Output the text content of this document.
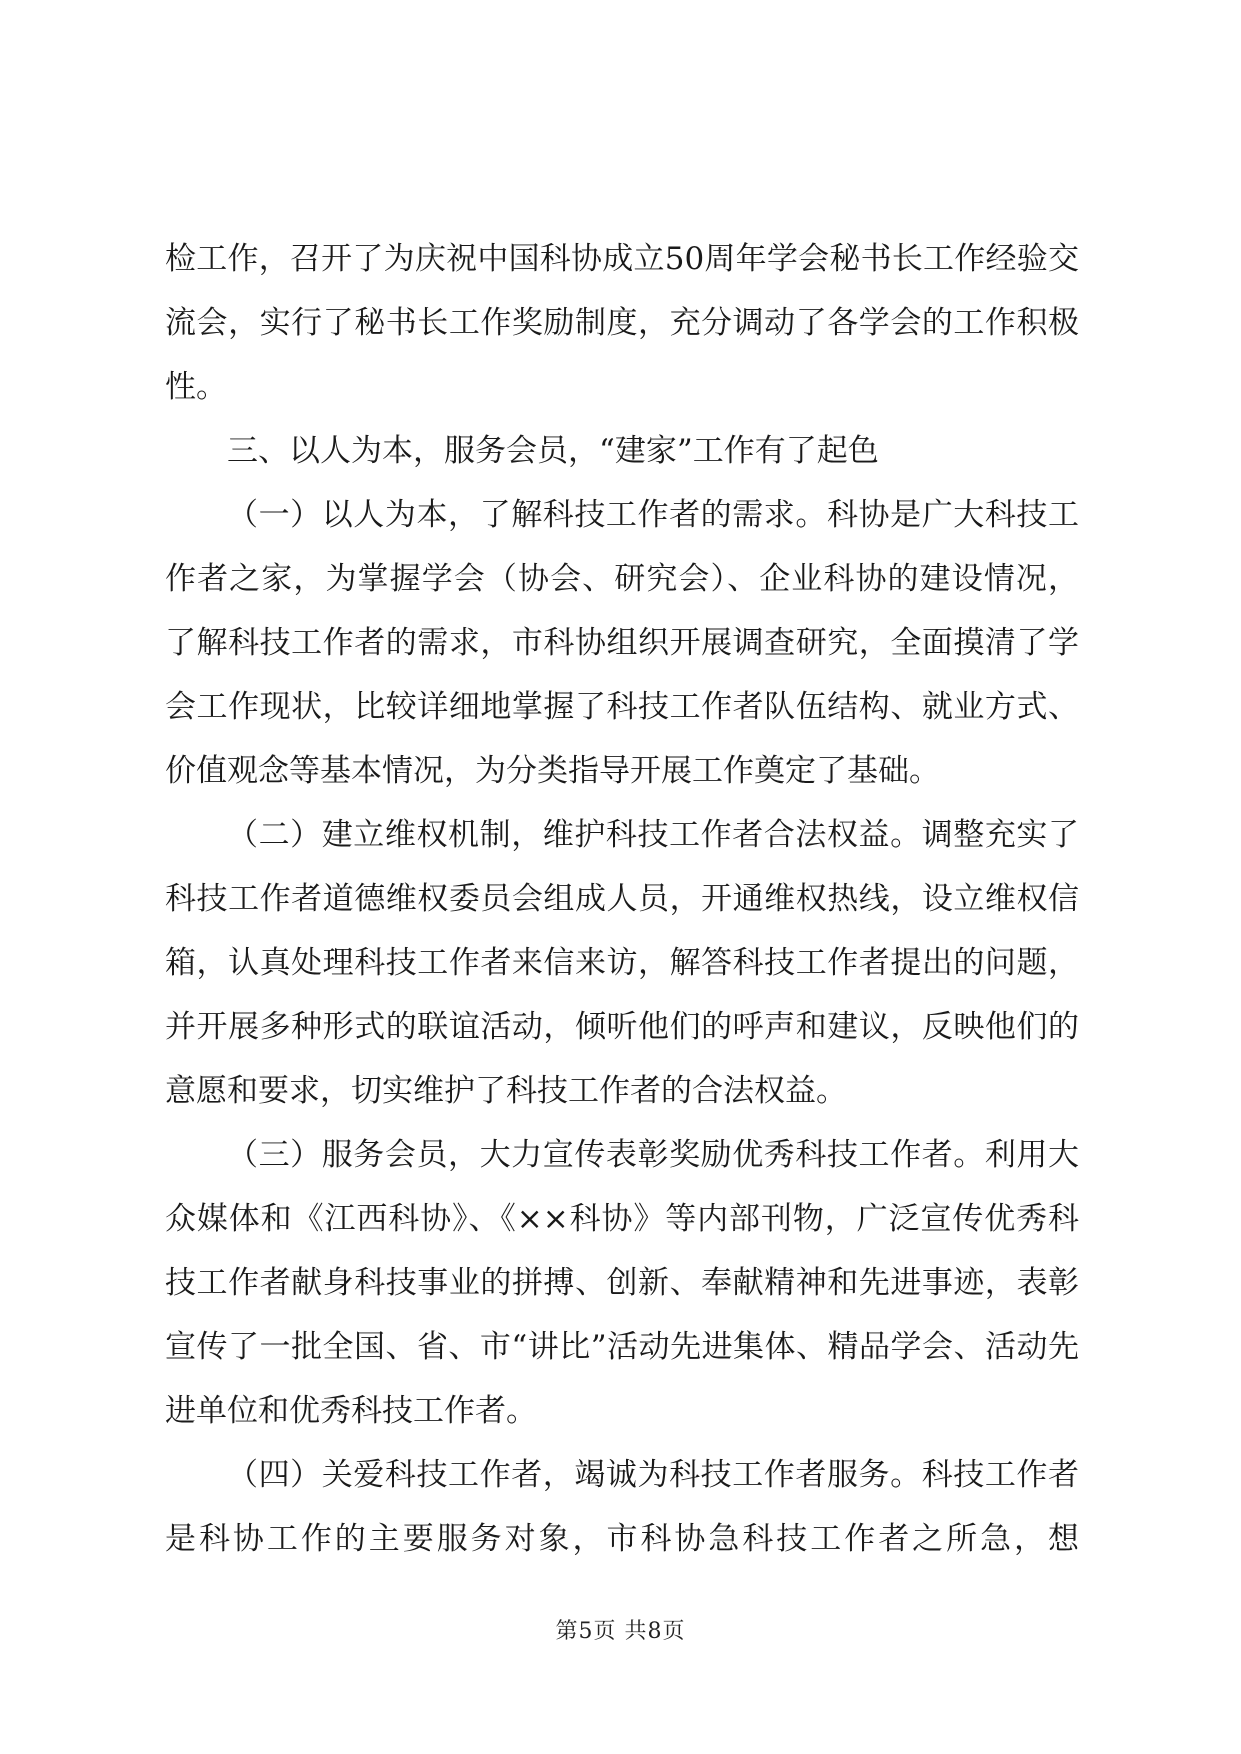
检工作，召开了为庆祝中国科协成立50周年学会秘书长工作经验交流会，实行了秘书长工作奖励制度，充分调动了各学会的工作积极性。

三、以人为本，服务会员，“建家”工作有了起色

（一）以人为本，了解科技工作者的需求。科协是广大科技工作者之家，为掌握学会（协会、研究会）、企业科协的建设情况，了解科技工作者的需求，市科协组织开展调查研究，全面摸清了学会工作现状，比较详细地掌握了科技工作者队伍结构、就业方式、价值观念等基本情况，为分类指导开展工作奠定了基础。

（二）建立维权机制，维护科技工作者合法权益。调整充实了科技工作者道德维权委员会组成人员，开通维权热线，设立维权信箱，认真处理科技工作者来信来访，解答科技工作者提出的问题，并开展多种形式的联谊活动，倾听他们的呼声和建议，反映他们的意愿和要求，切实维护了科技工作者的合法权益。

（三）服务会员，大力宣传表彰奖励优秀科技工作者。利用大众媒体和《江西科协》、《××科协》等内部刊物，广泛宣传优秀科技工作者献身科技事业的拼搏、创新、奉献精神和先进事迹，表彰宣传了一批全国、省、市“讲比”活动先进集体、精品学会、活动先进单位和优秀科技工作者。

（四）关爱科技工作者，竭诚为科技工作者服务。科技工作者是科协工作的主要服务对象，市科协急科技工作者之所急，想

第5页 共8页
